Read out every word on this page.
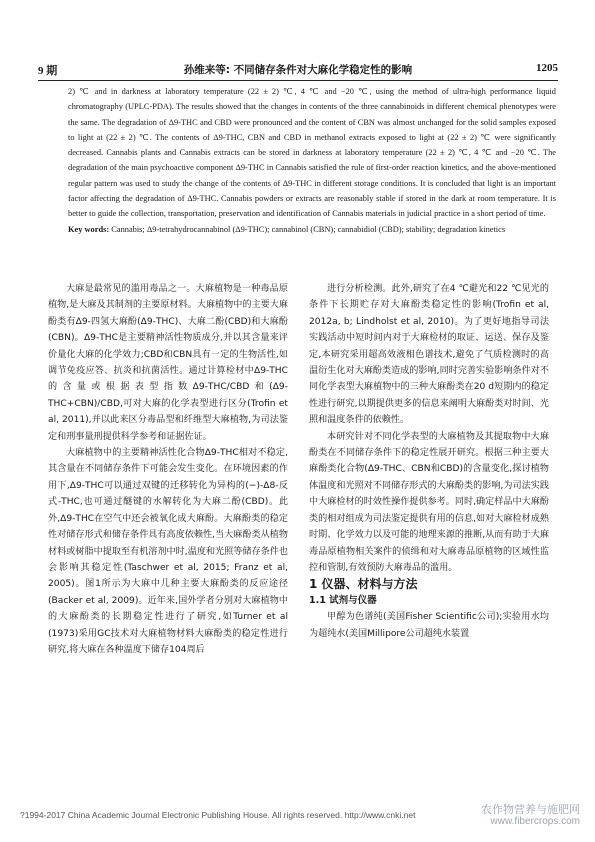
9 期	孙维来等: 不同储存条件对大麻化学稳定性的影响	1205
2) ℃ and in darkness at laboratory temperature (22 ± 2) ℃, 4 ℃ and −20 ℃, using the method of ultra-high performance liquid chromatography (UPLC-PDA). The results showed that the changes in contents of the three cannabinoids in different chemical phenotypes were the same. The degradation of Δ9-THC and CBD were pronounced and the content of CBN was almost unchanged for the solid samples exposed to light at (22 ± 2) ℃. The contents of Δ9-THC, CBN and CBD in methanol extracts exposed to light at (22 ± 2) ℃ were significantly decreased. Cannabis plants and Cannabis extracts can be stored in darkness at laboratory temperature (22 ± 2) ℃, 4 ℃ and −20 ℃. The degradation of the main psychoactive component Δ9-THC in Cannabis satisfied the rule of first-order reaction kinetics, and the above-mentioned regular pattern was used to study the change of the contents of Δ9-THC in different storage conditions. It is concluded that light is an important factor affecting the degradation of Δ9-THC. Cannabis powders or extracts are reasonably stable if stored in the dark at room temperature. It is better to guide the collection, transportation, preservation and identification of Cannabis materials in judicial practice in a short period of time.
Key words: Cannabis; Δ9-tetrahydrocannabinol (Δ9-THC); cannabinol (CBN); cannabidiol (CBD); stability; degradation kinetics

大麻是最常见的滥用毒品之一。大麻植物是一种毒品原植物,是大麻及其制剂的主要原材料。大麻植物中的主要大麻酚类有Δ9-四氢大麻酚(Δ9-THC)、大麻二酚(CBD)和大麻酚(CBN)。Δ9-THC是主要精神活性物质成分,并以其含量来评价量化大麻的化学效力;CBD和CBN具有一定的生物活性,如调节免疫应答、抗炎和抗菌活性。通过计算检材中Δ9-THC的含量或根据表型指数Δ9-THC/CBD和(Δ9-THC+CBN)/CBD,可对大麻的化学表型进行区分(Trofin et al, 2011),并以此来区分毒品型和纤维型大麻植物,为司法鉴定和刑事量刑提供科学参考和证据佐证。

大麻植物中的主要精神活性化合物Δ9-THC相对不稳定,其含量在不同储存条件下可能会发生变化。在环境因素的作用下,Δ9-THC可以通过双键的迁移转化为异构的(−)-Δ8-反式-THC,也可通过醚键的水解转化为大麻二酚(CBD)。此外,Δ9-THC在空气中还会被氧化成大麻酚。大麻酚类的稳定性对储存形式和储存条件具有高度依赖性,当大麻酚类从植物材料或树脂中提取至有机溶剂中时,温度和光照等储存条件也会影响其稳定性(Taschwer et al, 2015; Franz et al, 2005)。图1所示为大麻中几种主要大麻酚类的反应途径(Backer et al, 2009)。近年来,国外学者分别对大麻植物中的大麻酚类的长期稳定性进行了研究,如Turner et al (1973)采用GC技术对大麻植物材料大麻酚类的稳定性进行研究,将大麻在各种温度下储存104周后

进行分析检测。此外,研究了在4 ℃避光和22 ℃见光的条件下长期贮存对大麻酚类稳定性的影响(Trofin et al, 2012a, b; Lindholst et al, 2010)。为了更好地指导司法实践活动中短时间内对于大麻检材的取证、运送、保存及鉴定,本研究采用超高效液相色谱技术,避免了气质检测时的高温衍生化对大麻酚类造成的影响,同时完善实验影响条件对不同化学表型大麻植物中的三种大麻酚类在20 d短期内的稳定性进行研究,以期提供更多的信息来阐明大麻酚类对时间、光照和温度条件的依赖性。

本研究针对不同化学表型的大麻植物及其提取物中大麻酚类在不同储存条件下的稳定性展开研究。根据三种主要大麻酚类化合物(Δ9-THC、CBN和CBD)的含量变化,探讨植物体温度和光照对不同储存形式的大麻酚类的影响,为司法实践中大麻检材的时效性操作提供参考。同时,确定样品中大麻酚类的相对组成为司法鉴定提供有用的信息,如对大麻检材成熟时期、化学效力以及可能的地理来源的推断,从而有助于大麻毒品原植物相关案件的侦缉和对大麻毒品原植物的区域性监控和管制,有效预防大麻毒品的滥用。

1 仪器、材料与方法

1.1 试剂与仪器

甲醇为色谱纯(美国Fisher Scientific公司);实验用水均为超纯水(美国Millipore公司超纯水装置

?1994-2017 China Academic Journal Electronic Publishing House. All rights reserved. http://www.cnki.net	农作物营养与施肥网
www.fibercrops.com
